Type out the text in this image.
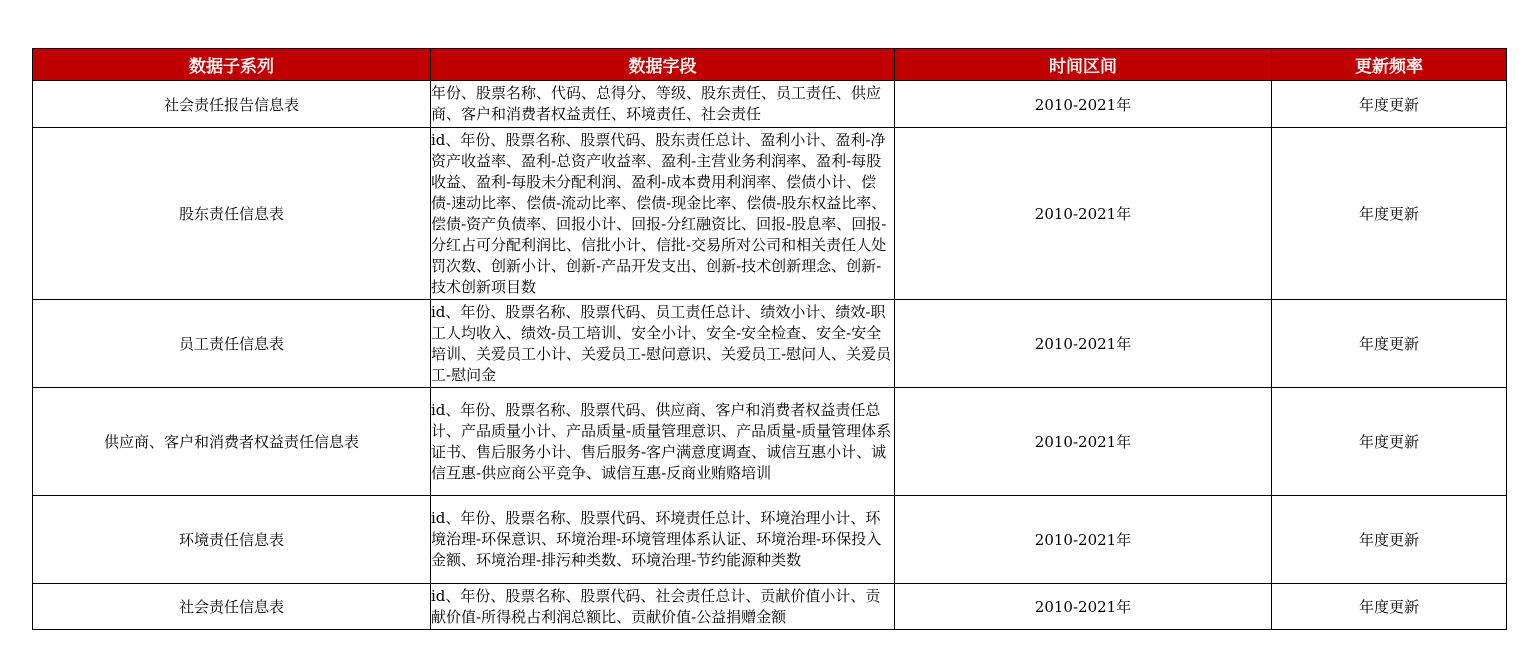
数据子系列	数据字段	时间区间	更新频率
社会责任报告信息表	年份、股票名称、代码、总得分、等级、股东责任、员工责任、供应商、客户和消费者权益责任、环境责任、社会责任	2010-2021年	年度更新
股东责任信息表	id、年份、股票名称、股票代码、股东责任总计、盈利小计、盈利-净资产收益率、盈利-总资产收益率、盈利-主营业务利润率、盈利-每股收益、盈利-每股未分配利润、盈利-成本费用利润率、偿债小计、偿债-速动比率、偿债-流动比率、偿债-现金比率、偿债-股东权益比率、偿债-资产负债率、回报小计、回报-分红融资比、回报-股息率、回报-分红占可分配利润比、信批小计、信批-交易所对公司和相关责任人处罚次数、创新小计、创新-产品开发支出、创新-技术创新理念、创新-技术创新项目数	2010-2021年	年度更新
员工责任信息表	id、年份、股票名称、股票代码、员工责任总计、绩效小计、绩效-职工人均收入、绩效-员工培训、安全小计、安全-安全检查、安全-安全培训、关爱员工小计、关爱员工-慰问意识、关爱员工-慰问人、关爱员工-慰问金	2010-2021年	年度更新
供应商、客户和消费者权益责任信息表	id、年份、股票名称、股票代码、供应商、客户和消费者权益责任总计、产品质量小计、产品质量-质量管理意识、产品质量-质量管理体系证书、售后服务小计、售后服务-客户满意度调查、诚信互惠小计、诚信互惠-供应商公平竞争、诚信互惠-反商业贿赂培训	2010-2021年	年度更新
环境责任信息表	id、年份、股票名称、股票代码、环境责任总计、环境治理小计、环境治理-环保意识、环境治理-环境管理体系认证、环境治理-环保投入金额、环境治理-排污种类数、环境治理-节约能源种类数	2010-2021年	年度更新
社会责任信息表	id、年份、股票名称、股票代码、社会责任总计、贡献价值小计、贡献价值-所得税占利润总额比、贡献价值-公益捐赠金额	2010-2021年	年度更新
